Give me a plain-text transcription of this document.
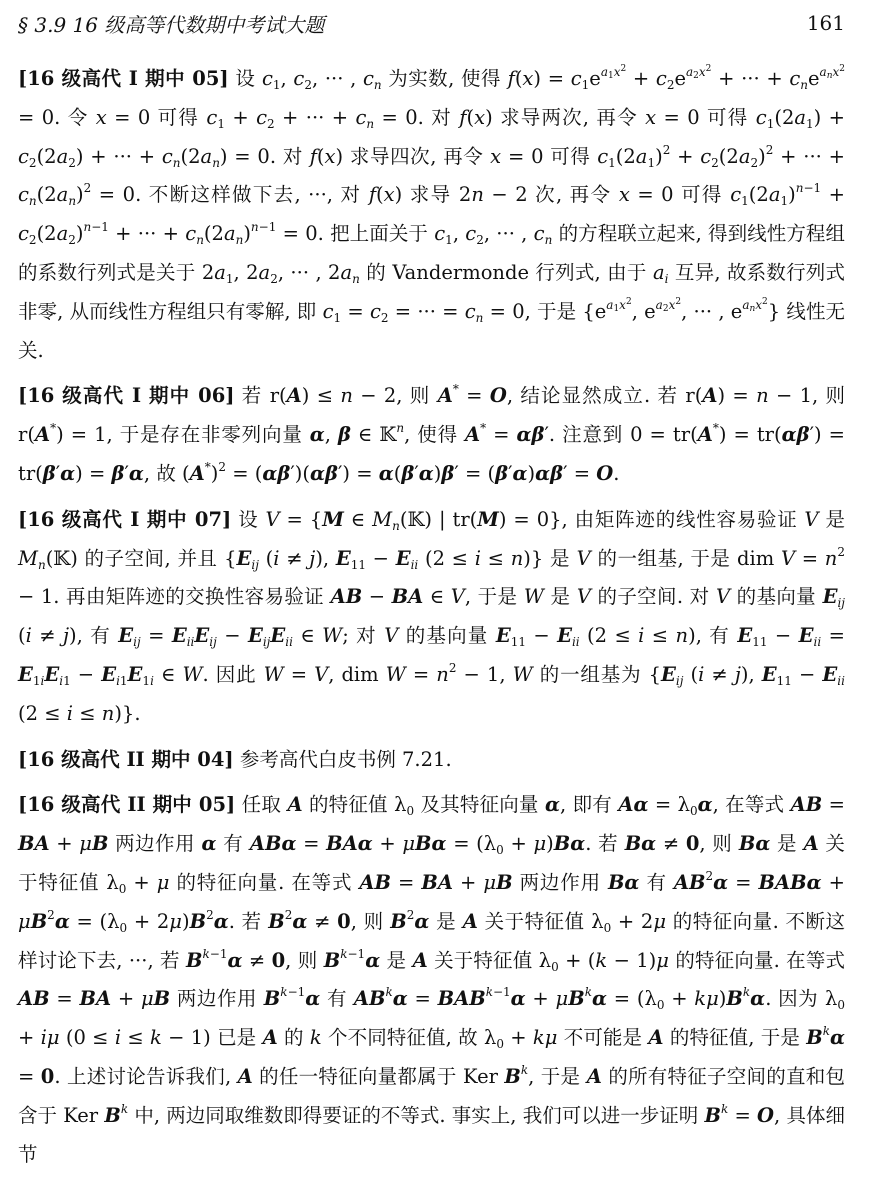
§ 3.9 16 级高等代数期中考试大题	161

[16 级高代 I 期中 05] 设 $c_1$, $c_2$, ··· , $c_n$ 为实数, 使得 $f(x) = c_1e^{a_1x^2} + c_2e^{a_2x^2}$ + ··· + $c_ne^{a_nx^2} = 0$. 令 x = 0 可得 $c_1 + c_2$ + ··· + $c_n = 0$. 对 f(x) 求导两次, 再令 x = 0 可得 $c_1(2a_1) + c_2(2a_2)$ + ··· + $c_n(2a_n) = 0$. 对 f(x) 求导四次, 再令 x = 0 可得 $c_1(2a_1)^2 + c_2(2a_2)^2$ + ··· + $c_n(2a_n)^2 = 0$. 不断这样做下去, ···, 对 f(x) 求导 2n − 2 次, 再令 x = 0 可得 $c_1(2a_1)^{n-1} + c_2(2a_2)^{n-1}$ + ··· + $c_n(2a_n)^{n-1} = 0$. 把上面关于 $c_1$, $c_2$, ··· , $c_n$ 的方程联立起来, 得到线性方程组的系数行列式是关于 $2a_1$, $2a_2$, ··· , $2a_n$ 的 Vandermonde 行列式, 由于 $a_i$ 互异, 故系数行列式非零, 从而线性方程组只有零解, 即 $c_1 = c_2$ = ··· = $c_n = 0$, 于是 {$e^{a_1x^2}$, $e^{a_2x^2}$, ··· , $e^{a_nx^2}$} 线性无关.

[16 级高代 I 期中 06] 若 r(A) ≤ n − 2, 则 A* = O, 结论显然成立. 若 r(A) = n − 1, 则 r(A*) = 1, 于是存在非零列向量 α, β ∈ 𝕂$^n$, 使得 A* = αβ′. 注意到 0 = tr(A*) = tr(αβ′) = tr(β′α) = β′α, 故 $(A^*)^2 = (\alpha\beta')(\alpha\beta') = \alpha(\beta'\alpha)\beta' = (\beta'\alpha)\alpha\beta' = O$.

[16 级高代 I 期中 07] 设 V = {M ∈ $M_n(𝕂)$ | tr(M) = 0}, 由矩阵迹的线性容易验证 V 是 $M_n(𝕂)$ 的子空间, 并且 {$E_{ij}$ (i ≠ j), $E_{11} - E_{ii}$ (2 ≤ i ≤ n)} 是 V 的一组基, 于是 dim $V = n^2 - 1$. 再由矩阵迹的交换性容易验证 AB − BA ∈ V, 于是 W 是 V 的子空间. 对 V 的基向量 $E_{ij}$ (i ≠ j), 有 $E_{ij} = E_{ii}E_{ij} - E_{ij}E_{ii}$ ∈ W; 对 V 的基向量 $E_{11} - E_{ii}$ (2 ≤ i ≤ n), 有 $E_{11} - E_{ii} = E_{1i}E_{i1} - E_{i1}E_{1i}$ ∈ W. 因此 W = V, dim $W = n^2 - 1$, W 的一组基为 {$E_{ij}$ (i ≠ j), $E_{11} - E_{ii}$ (2 ≤ i ≤ n)}.

[16 级高代 II 期中 04] 参考高代白皮书例 7.21.

[16 级高代 II 期中 05] 任取 A 的特征值 $\lambda_0$ 及其特征向量 α, 即有 $A\alpha = \lambda_0\alpha$, 在等式 AB = BA + μB 两边作用 α 有 $AB\alpha = BA\alpha + \mu B\alpha = (\lambda_0 + \mu)B\alpha$. 若 Bα ≠ 0, 则 Bα 是 A 关于特征值 $\lambda_0 + \mu$ 的特征向量. 在等式 AB = BA + μB 两边作用 Bα 有 $AB^2\alpha = BAB\alpha + \mu B^2\alpha = (\lambda_0 + 2\mu)B^2\alpha$. 若 $B^2\alpha \ne 0$, 则 $B^2\alpha$ 是 A 关于特征值 $\lambda_0 + 2\mu$ 的特征向量. 不断这样讨论下去, ···, 若 $B^{k-1}\alpha \ne 0$, 则 $B^{k-1}\alpha$ 是 A 关于特征值 $\lambda_0 + (k - 1)\mu$ 的特征向量. 在等式 AB = BA + μB 两边作用 $B^{k-1}\alpha$ 有 $AB^k\alpha = BAB^{k-1}\alpha + \mu B^k\alpha = (\lambda_0 + k\mu)B^k\alpha$. 因为 $\lambda_0 + i\mu$ (0 ≤ i ≤ k − 1) 已是 A 的 k 个不同特征值, 故 $\lambda_0 + k\mu$ 不可能是 A 的特征值, 于是 $B^k\alpha = 0$. 上述讨论告诉我们, A 的任一特征向量都属于 Ker $B^k$, 于是 A 的所有特征子空间的直和包含于 Ker $B^k$ 中, 两边同取维数即得要证的不等式. 事实上, 我们可以进一步证明 $B^k = O$, 具体细节
